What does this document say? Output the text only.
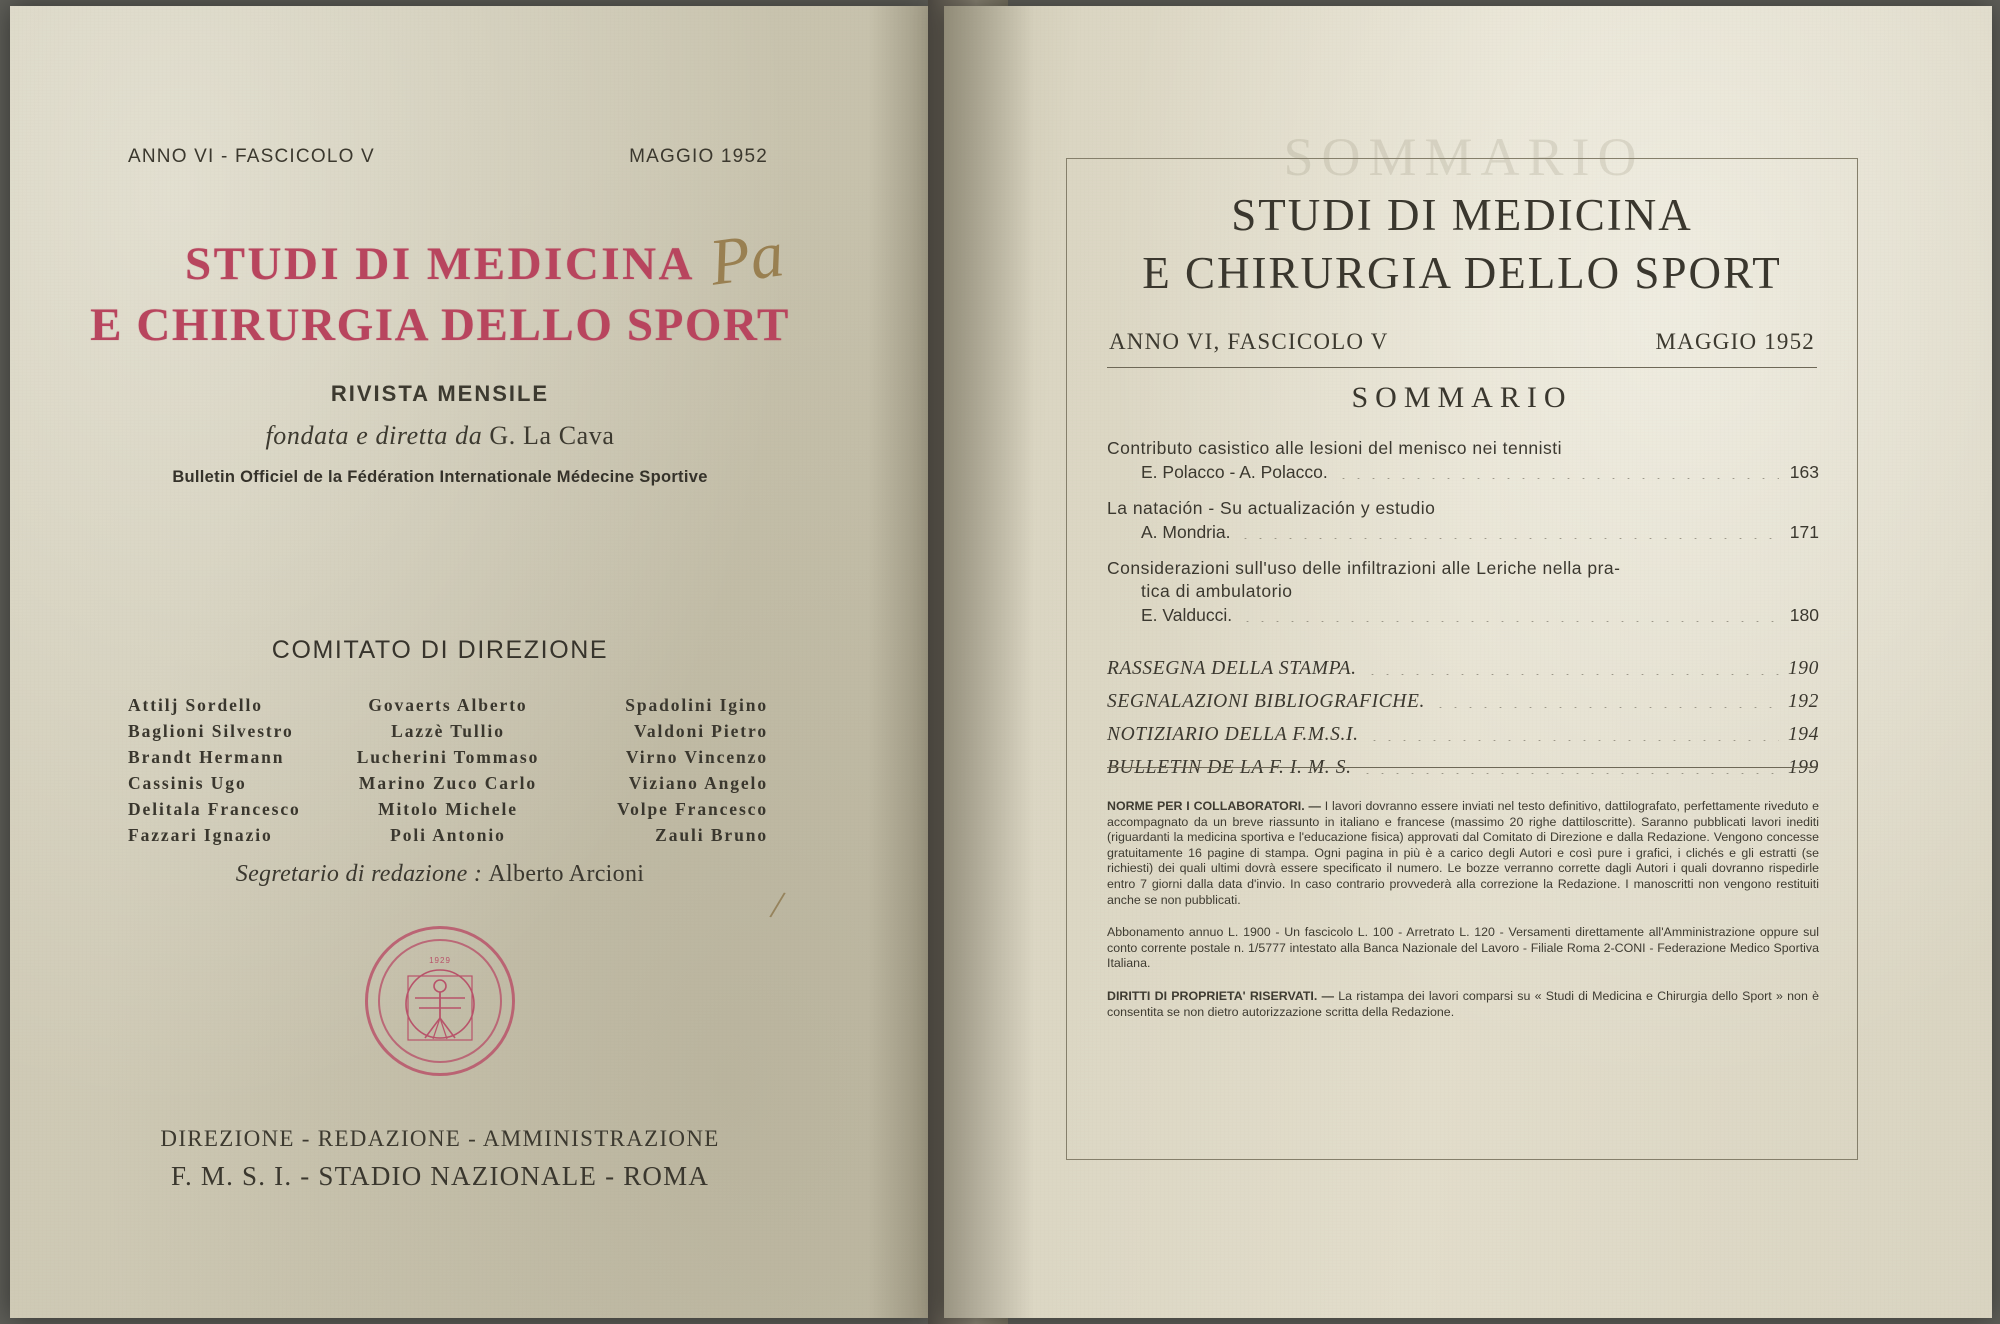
ANNO VI - FASCICOLO V	MAGGIO 1952
STUDI DI MEDICINA
E CHIRURGIA DELLO SPORT
Pa
/
RIVISTA MENSILE
fondata e diretta da G. La Cava
Bulletin Officiel de la Fédération Internationale Médecine Sportive
COMITATO DI DIREZIONE
Attilj Sordello	Govaerts Alberto	Spadolini Igino
Baglioni Silvestro	Lazzè Tullio	Valdoni Pietro
Brandt Hermann	Lucherini Tommaso	Virno Vincenzo
Cassinis Ugo	Marino Zuco Carlo	Viziano Angelo
Delitala Francesco	Mitolo Michele	Volpe Francesco
Fazzari Ignazio	Poli Antonio	Zauli Bruno
Segretario di redazione : Alberto Arcioni
1929
DIREZIONE - REDAZIONE - AMMINISTRAZIONE
F. M. S. I. - STADIO NAZIONALE - ROMA
SOMMARIO

STUDI DI MEDICINA
E CHIRURGIA DELLO SPORT
ANNO VI, FASCICOLO V	MAGGIO 1952
SOMMARIO
Contributo casistico alle lesioni del menisco nei tennisti
E. Polacco - A. Polacco.	163
La natación - Su actualización y estudio
A. Mondria.	171
Considerazioni sull'uso delle infiltrazioni alle Leriche nella pra-
tica di ambulatorio
E. Valducci.	180
RASSEGNA DELLA STAMPA.	190
SEGNALAZIONI BIBLIOGRAFICHE.	192
NOTIZIARIO DELLA F.M.S.I.	194
BULLETIN DE LA F. I. M. S.	199

NORME PER I COLLABORATORI. — I lavori dovranno essere inviati nel testo definitivo, dattilografato, perfettamente riveduto e accompagnato da un breve riassunto in italiano e francese (massimo 20 righe dattiloscritte). Saranno pubblicati lavori inediti (riguardanti la medicina sportiva e l'educazione fisica) approvati dal Comitato di Direzione e dalla Redazione. Vengono concesse gratuitamente 16 pagine di stampa. Ogni pagina in più è a carico degli Autori e così pure i grafici, i clichés e gli estratti (se richiesti) dei quali ultimi dovrà essere specificato il numero. Le bozze verranno corrette dagli Autori i quali dovranno rispedirle entro 7 giorni dalla data d'invio. In caso contrario provvederà alla correzione la Redazione. I manoscritti non vengono restituiti anche se non pubblicati.

Abbonamento annuo L. 1900 - Un fascicolo L. 100 - Arretrato L. 120 - Versamenti direttamente all'Amministrazione oppure sul conto corrente postale n. 1/5777 intestato alla Banca Nazionale del Lavoro - Filiale Roma 2-CONI - Federazione Medico Sportiva Italiana.

DIRITTI DI PROPRIETA' RISERVATI. — La ristampa dei lavori comparsi su « Studi di Medicina e Chirurgia dello Sport » non è consentita se non dietro autorizzazione scritta della Redazione.
